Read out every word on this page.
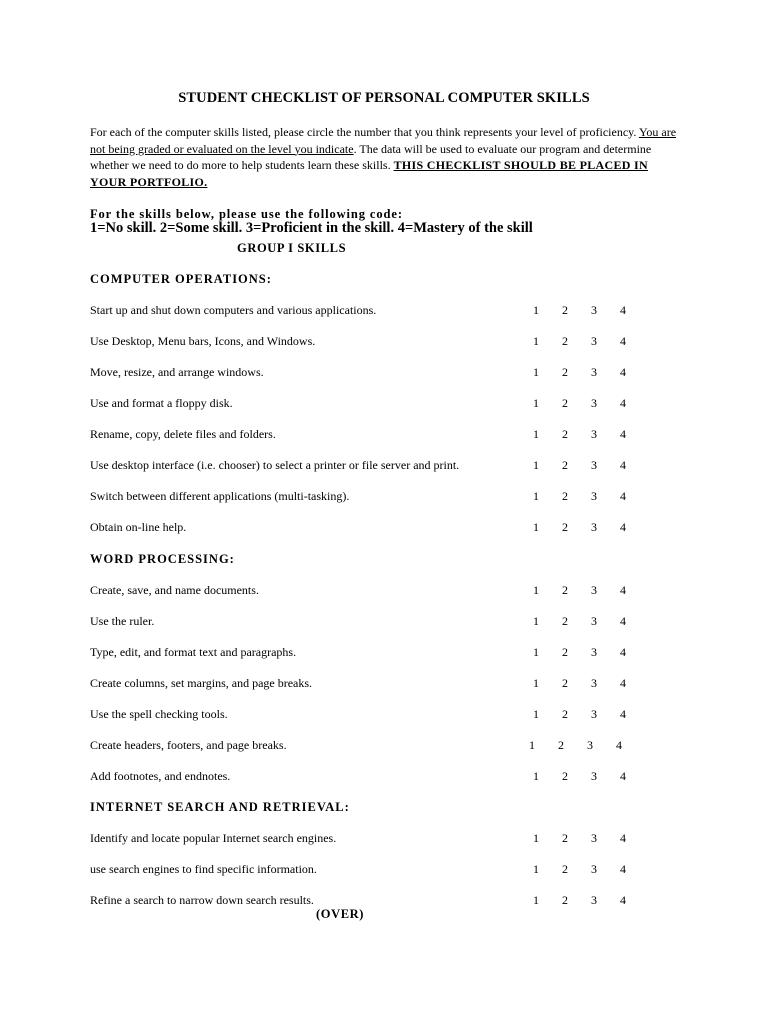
STUDENT CHECKLIST OF PERSONAL COMPUTER SKILLS
For each of the computer skills listed, please circle the number that you think represents your level of proficiency. You are not being graded or evaluated on the level you indicate. The data will be used to evaluate our program and determine whether we need to do more to help students learn these skills. THIS CHECKLIST SHOULD BE PLACED IN YOUR PORTFOLIO.
For the skills below, please use the following code:
1=No skill. 2=Some skill. 3=Proficient in the skill. 4=Mastery of the skill
GROUP I SKILLS
COMPUTER OPERATIONS:
Start up and shut down computers and various applications.	1 2 3 4
Use Desktop, Menu bars, Icons, and Windows.	1 2 3 4
Move, resize, and arrange windows.	1 2 3 4
Use and format a floppy disk.	1 2 3 4
Rename, copy, delete files and folders.	1 2 3 4
Use desktop interface (i.e. chooser) to select a printer or file server and print.	1 2 3 4
Switch between different applications (multi-tasking).	1 2 3 4
Obtain on-line help.	1 2 3 4
WORD PROCESSING:
Create, save, and name documents.	1 2 3 4
Use the ruler.	1 2 3 4
Type, edit, and format text and paragraphs.	1 2 3 4
Create columns, set margins, and page breaks.	1 2 3 4
Use the spell checking tools.	1 2 3 4
Create headers, footers, and page breaks.	1 2 3 4
Add footnotes, and endnotes.	1 2 3 4
INTERNET SEARCH AND RETRIEVAL:
Identify and locate popular Internet search engines.	1 2 3 4
use search engines to find specific information.	1 2 3 4
Refine a search to narrow down search results.	1 2 3 4
(OVER)
